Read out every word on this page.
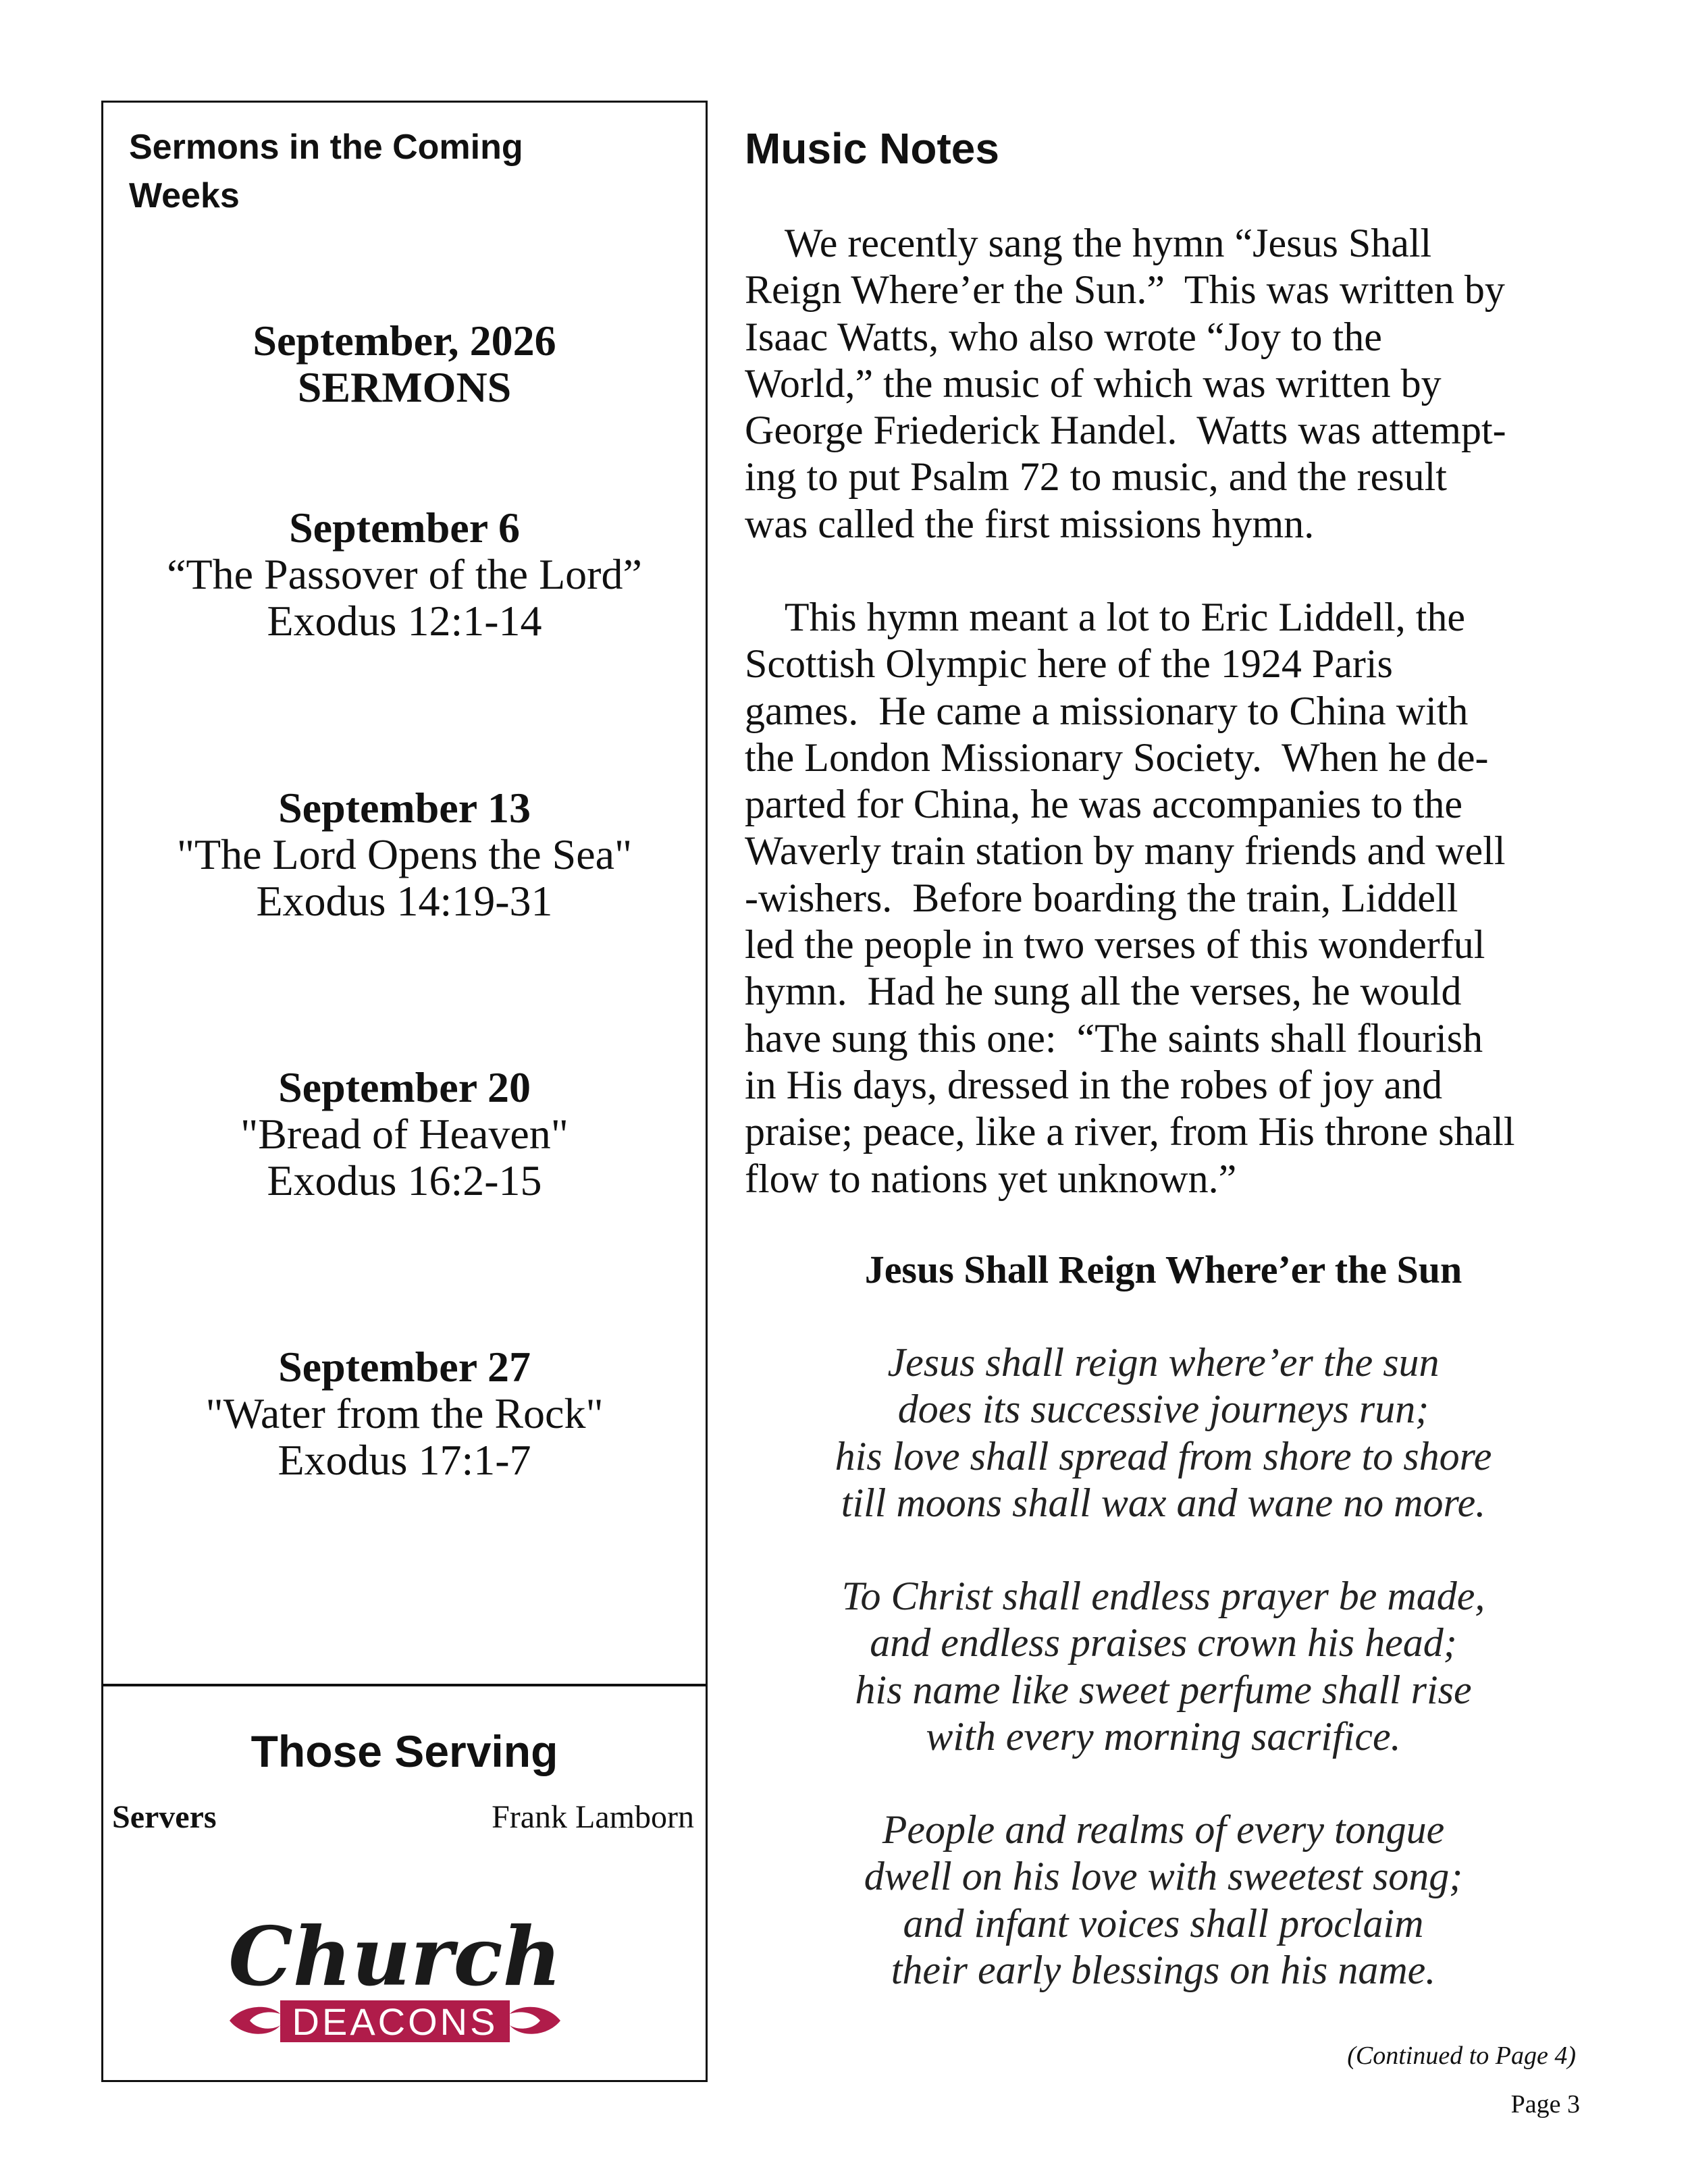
Sermons in the Coming Weeks
September, 2026
SERMONS
September 6
“The Passover of the Lord”
Exodus 12:1-14
September 13
"The Lord Opens the Sea"
Exodus 14:19-31
September 20
"Bread of Heaven"
Exodus 16:2-15
September 27
"Water from the Rock"
Exodus 17:1-7
Those Serving
Servers	Frank Lamborn
DEACONS
Church
Music Notes
We recently sang the hymn “Jesus Shall
Reign Where’er the Sun.”  This was written by
Isaac Watts, who also wrote “Joy to the
World,” the music of which was written by
George Friederick Handel.  Watts was attempt-
ing to put Psalm 72 to music, and the result
was called the first missions hymn.
This hymn meant a lot to Eric Liddell, the
Scottish Olympic here of the 1924 Paris
games.  He came a missionary to China with
the London Missionary Society.  When he de-
parted for China, he was accompanies to the
Waverly train station by many friends and well
-wishers.  Before boarding the train, Liddell
led the people in two verses of this wonderful
hymn.  Had he sung all the verses, he would
have sung this one:  “The saints shall flourish
in His days, dressed in the robes of joy and
praise; peace, like a river, from His throne shall
flow to nations yet unknown.”
Jesus Shall Reign Where’er the Sun
Jesus shall reign where’er the sun
does its successive journeys run;
his love shall spread from shore to shore
till moons shall wax and wane no more.
To Christ shall endless prayer be made,
and endless praises crown his head;
his name like sweet perfume shall rise
with every morning sacrifice.
People and realms of every tongue
dwell on his love with sweetest song;
and infant voices shall proclaim
their early blessings on his name.
(Continued to Page 4)
Page 3
